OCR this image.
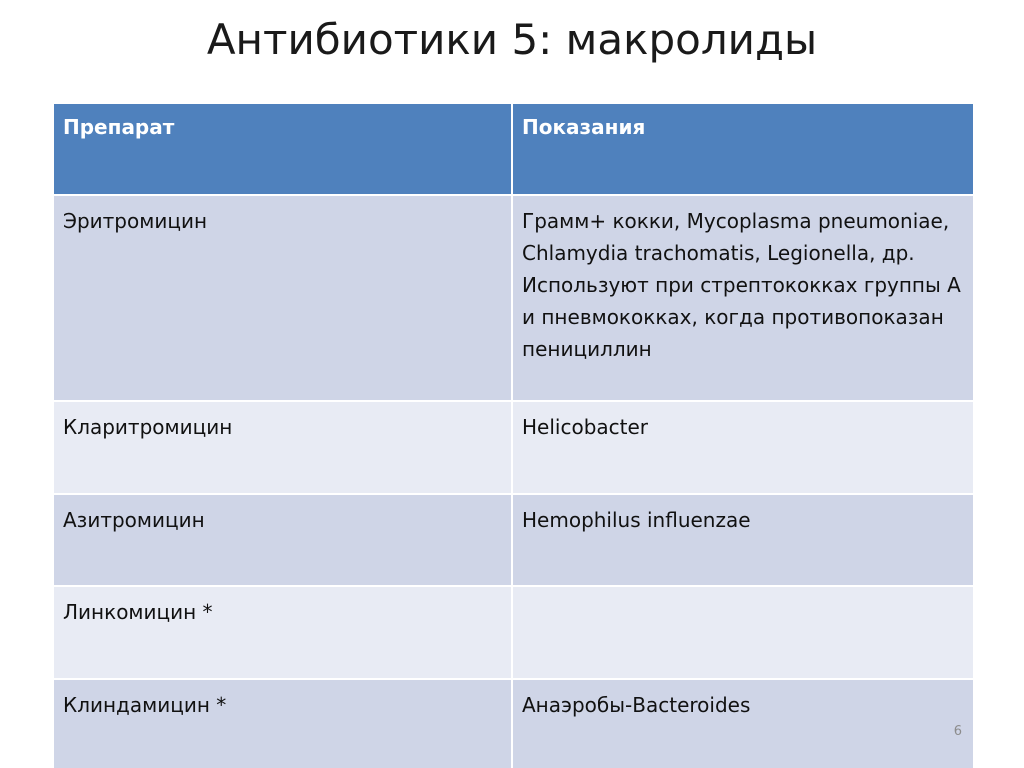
Антибиотики 5: макролиды
Препарат	Показания
Эритромицин	Грамм+ кокки, Mycoplasma pneumoniae, Chlamydia trachomatis, Legionella, др. Используют при стрептококках группы А и пневмококках, когда противопоказан пенициллин
Кларитромицин	Helicobacter
Азитромицин	Hemophilus influenzae
Линкомицин *	
Клиндамицин *	Анаэробы-Bacteroides
6
